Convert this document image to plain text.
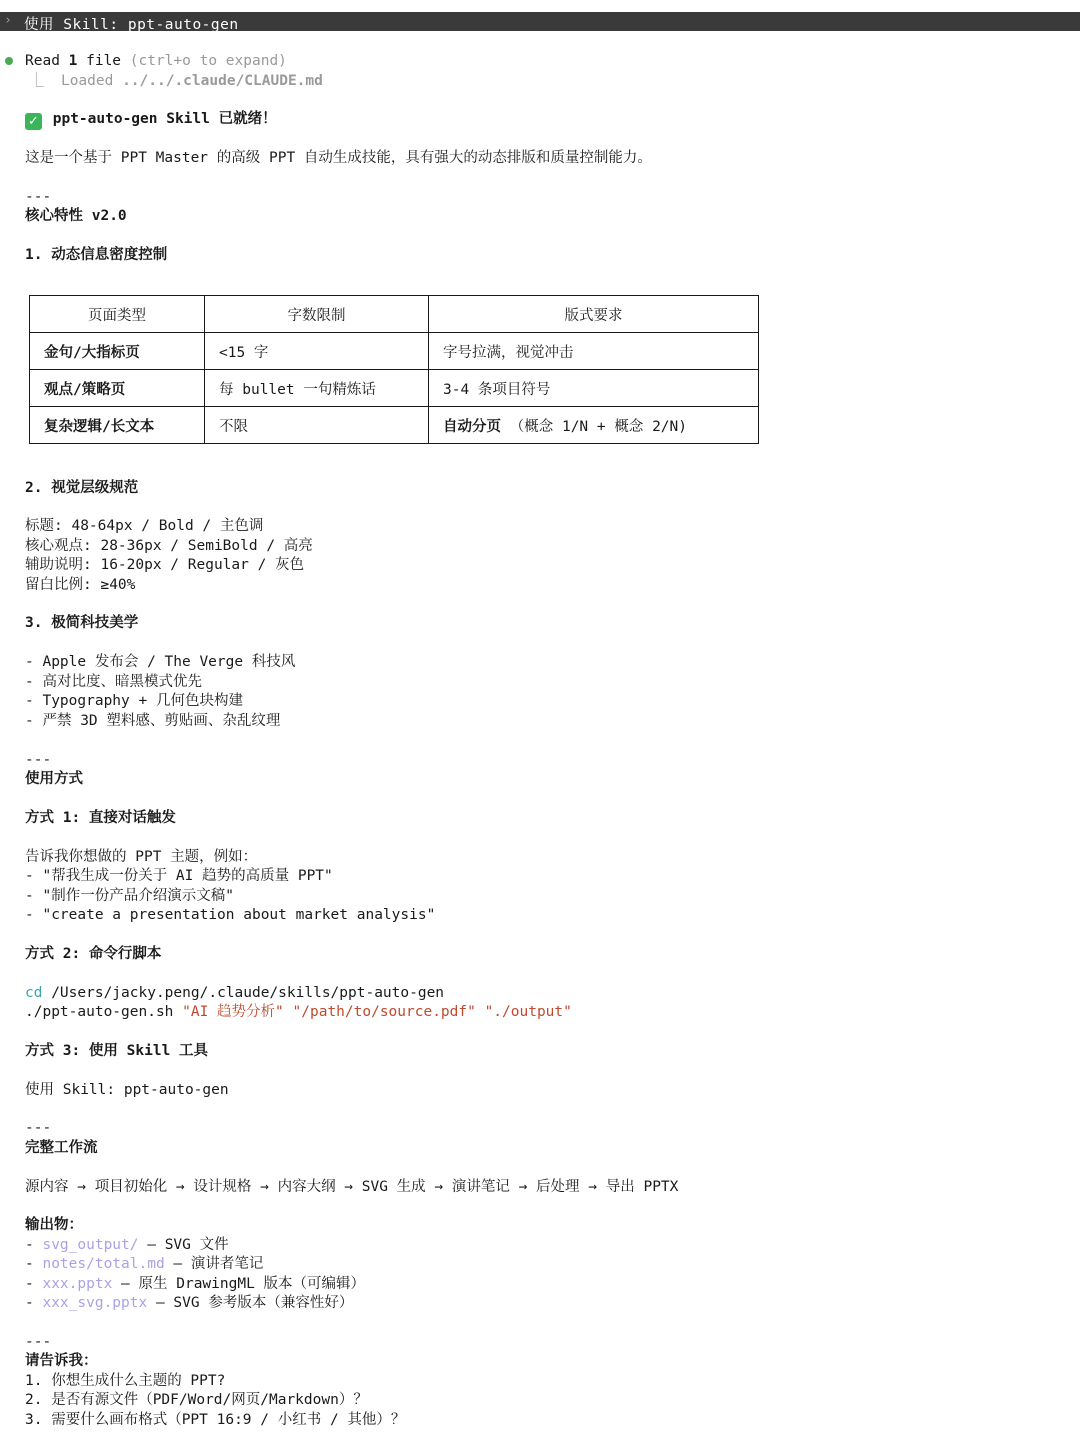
› 使用 Skill: ppt-auto-gen
Read 1 file (ctrl+o to expand)
⎿  Loaded ../../.claude/CLAUDE.md
✓ ppt-auto-gen Skill 已就绪！
这是一个基于 PPT Master 的高级 PPT 自动生成技能，具有强大的动态排版和质量控制能力。
---
核心特性 v2.0
1. 动态信息密度控制
页面类型	字数限制	版式要求
金句/大指标页	<15 字	字号拉满，视觉冲击
观点/策略页	每 bullet 一句精炼话	3-4 条项目符号
复杂逻辑/长文本	不限	自动分页 （概念 1/N + 概念 2/N)
2. 视觉层级规范
标题: 48-64px / Bold / 主色调
核心观点: 28-36px / SemiBold / 高亮
辅助说明: 16-20px / Regular / 灰色
留白比例: ≥40%
3. 极简科技美学
- Apple 发布会 / The Verge 科技风
- 高对比度、暗黑模式优先
- Typography + 几何色块构建
- 严禁 3D 塑料感、剪贴画、杂乱纹理
---
使用方式
方式 1: 直接对话触发
告诉我你想做的 PPT 主题，例如：
- "帮我生成一份关于 AI 趋势的高质量 PPT"
- "制作一份产品介绍演示文稿"
- "create a presentation about market analysis"
方式 2: 命令行脚本
cd /Users/jacky.peng/.claude/skills/ppt-auto-gen
./ppt-auto-gen.sh "AI 趋势分析" "/path/to/source.pdf" "./output"
方式 3: 使用 Skill 工具
使用 Skill: ppt-auto-gen
---
完整工作流
源内容 → 项目初始化 → 设计规格 → 内容大纲 → SVG 生成 → 演讲笔记 → 后处理 → 导出 PPTX
输出物：
- svg_output/ — SVG 文件
- notes/total.md — 演讲者笔记
- xxx.pptx — 原生 DrawingML 版本（可编辑）
- xxx_svg.pptx — SVG 参考版本（兼容性好）
---
请告诉我：
1. 你想生成什么主题的 PPT?
2. 是否有源文件（PDF/Word/网页/Markdown）？
3. 需要什么画布格式（PPT 16:9 / 小红书 / 其他）？
